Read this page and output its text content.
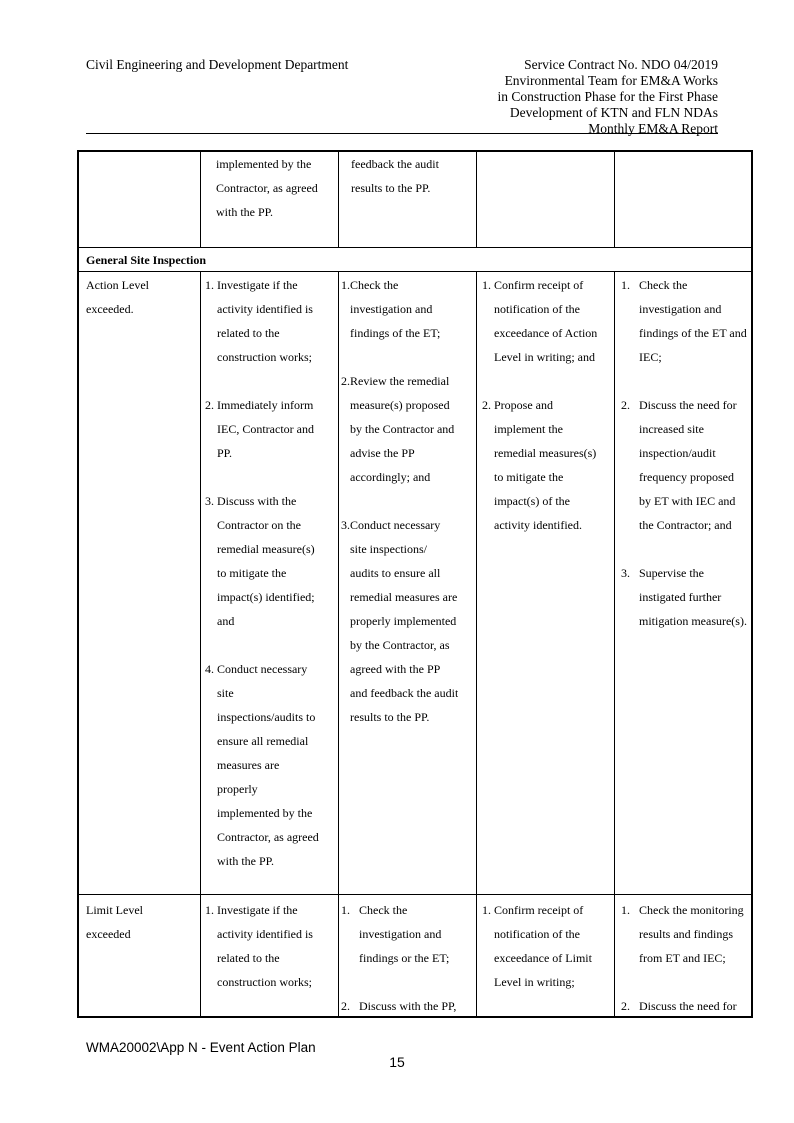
Civil Engineering and Development Department	Service Contract No. NDO 04/2019
Environmental Team for EM&A Works
in Construction Phase for the First Phase
Development of KTN and FLN NDAs
Monthly EM&A Report
General Site Inspection
implemented by the
Contractor, as agreed
with the PP.
feedback the audit
results to the PP.
Action Level
exceeded.
1. Investigate if the
activity identified is
related to the
construction works;

2. Immediately inform
IEC, Contractor and
PP.

3. Discuss with the
Contractor on the
remedial measure(s)
to mitigate the
impact(s) identified;
and

4. Conduct necessary
site
inspections/audits to
ensure all remedial
measures are
properly
implemented by the
Contractor, as agreed
with the PP.
1.Check the
investigation and
findings of the ET;

2.Review the remedial
measure(s) proposed
by the Contractor and
advise the PP
accordingly; and

3.Conduct necessary
site inspections/
audits to ensure all
remedial measures are
properly implemented
by the Contractor, as
agreed with the PP
and feedback the audit
results to the PP.
1. Confirm receipt of
notification of the
exceedance of Action
Level in writing; and

2. Propose and
implement the
remedial measures(s)
to mitigate the
impact(s) of the
activity identified.
1.   Check the
investigation and
findings of the ET and
IEC;

2.   Discuss the need for
increased site
inspection/audit
frequency proposed
by ET with IEC and
the Contractor; and

3.   Supervise the
instigated further
mitigation measure(s).
Limit Level
exceeded
1. Investigate if the
activity identified is
related to the
construction works;
1.   Check the
investigation and
findings or the ET;

2.   Discuss with the PP,
1. Confirm receipt of
notification of the
exceedance of Limit
Level in writing;
1.   Check the monitoring
results and findings
from ET and IEC;

2.   Discuss the need for
WMA20002\App N - Event Action Plan
15
